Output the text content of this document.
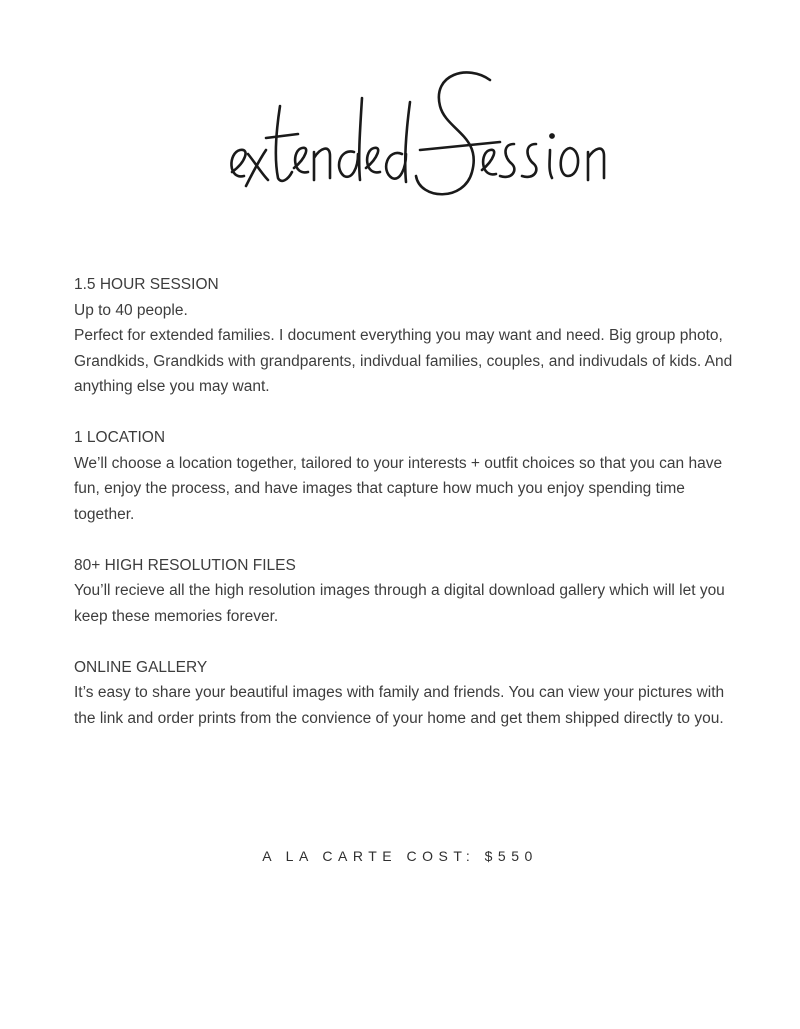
1.5 HOUR SESSION
Up to 40 people.
Perfect for extended families. I document everything you may want and need. Big group photo, Grandkids, Grandkids with grandparents, indivdual families, couples, and indivudals of kids. And anything else you may want.
1 LOCATION
We’ll choose a location together, tailored to your interests + outfit choices so that you can have fun, enjoy the process, and have images that capture how much you enjoy spending time together.
80+ HIGH RESOLUTION FILES
You’ll recieve all the high resolution images through a digital download gallery which will let you keep these memories forever.
ONLINE GALLERY
It’s easy to share your beautiful images with family and friends. You can view your pictures with the link and order prints from the convience of your home and get them shipped directly to you.
A LA CARTE COST: $550
